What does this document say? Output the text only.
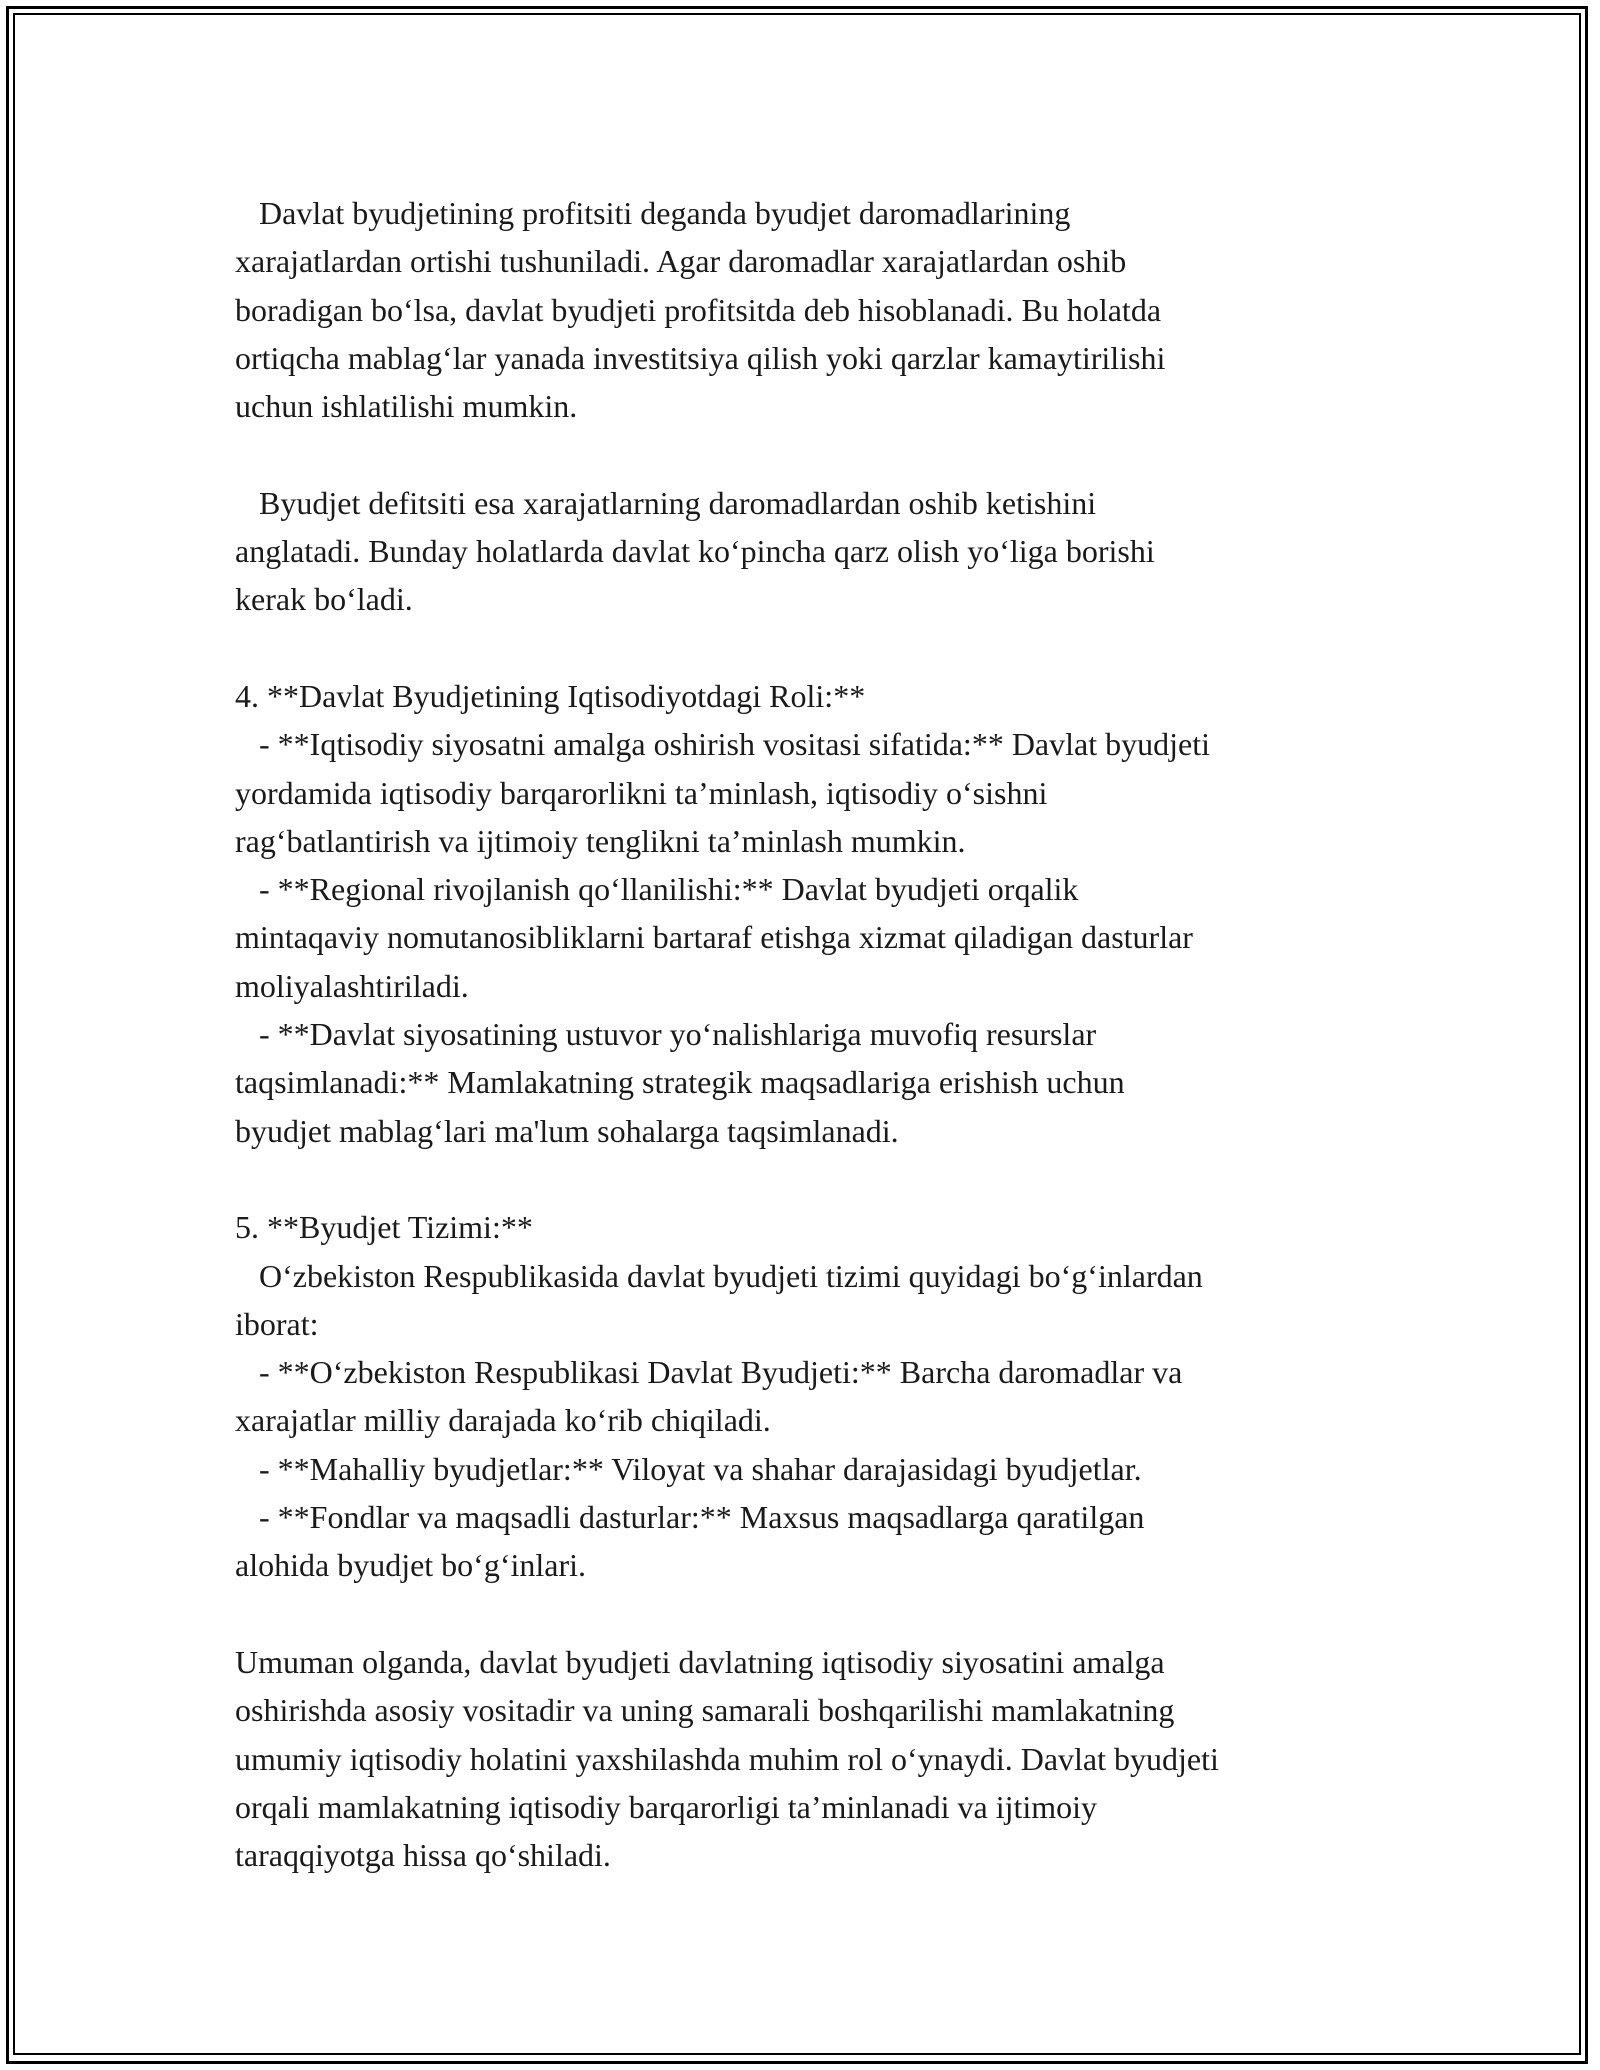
Davlat byudjetining profitsiti deganda byudjet daromadlarining
xarajatlardan ortishi tushuniladi. Agar daromadlar xarajatlardan oshib
boradigan bo‘lsa, davlat byudjeti profitsitda deb hisoblanadi. Bu holatda
ortiqcha mablag‘lar yanada investitsiya qilish yoki qarzlar kamaytirilishi
uchun ishlatilishi mumkin.
Byudjet defitsiti esa xarajatlarning daromadlardan oshib ketishini
anglatadi. Bunday holatlarda davlat ko‘pincha qarz olish yo‘liga borishi
kerak bo‘ladi.
4. **Davlat Byudjetining Iqtisodiyotdagi Roli:**
- **Iqtisodiy siyosatni amalga oshirish vositasi sifatida:** Davlat byudjeti
yordamida iqtisodiy barqarorlikni ta’minlash, iqtisodiy o‘sishni
rag‘batlantirish va ijtimoiy tenglikni ta’minlash mumkin.
- **Regional rivojlanish qo‘llanilishi:** Davlat byudjeti orqalik
mintaqaviy nomutanosibliklarni bartaraf etishga xizmat qiladigan dasturlar
moliyalashtiriladi.
- **Davlat siyosatining ustuvor yo‘nalishlariga muvofiq resurslar
taqsimlanadi:** Mamlakatning strategik maqsadlariga erishish uchun
byudjet mablag‘lari ma'lum sohalarga taqsimlanadi.
5. **Byudjet Tizimi:**
O‘zbekiston Respublikasida davlat byudjeti tizimi quyidagi bo‘g‘inlardan
iborat:
- **O‘zbekiston Respublikasi Davlat Byudjeti:** Barcha daromadlar va
xarajatlar milliy darajada ko‘rib chiqiladi.
- **Mahalliy byudjetlar:** Viloyat va shahar darajasidagi byudjetlar.
- **Fondlar va maqsadli dasturlar:** Maxsus maqsadlarga qaratilgan
alohida byudjet bo‘g‘inlari.
Umuman olganda, davlat byudjeti davlatning iqtisodiy siyosatini amalga
oshirishda asosiy vositadir va uning samarali boshqarilishi mamlakatning
umumiy iqtisodiy holatini yaxshilashda muhim rol o‘ynaydi. Davlat byudjeti
orqali mamlakatning iqtisodiy barqarorligi ta’minlanadi va ijtimoiy
taraqqiyotga hissa qo‘shiladi.
